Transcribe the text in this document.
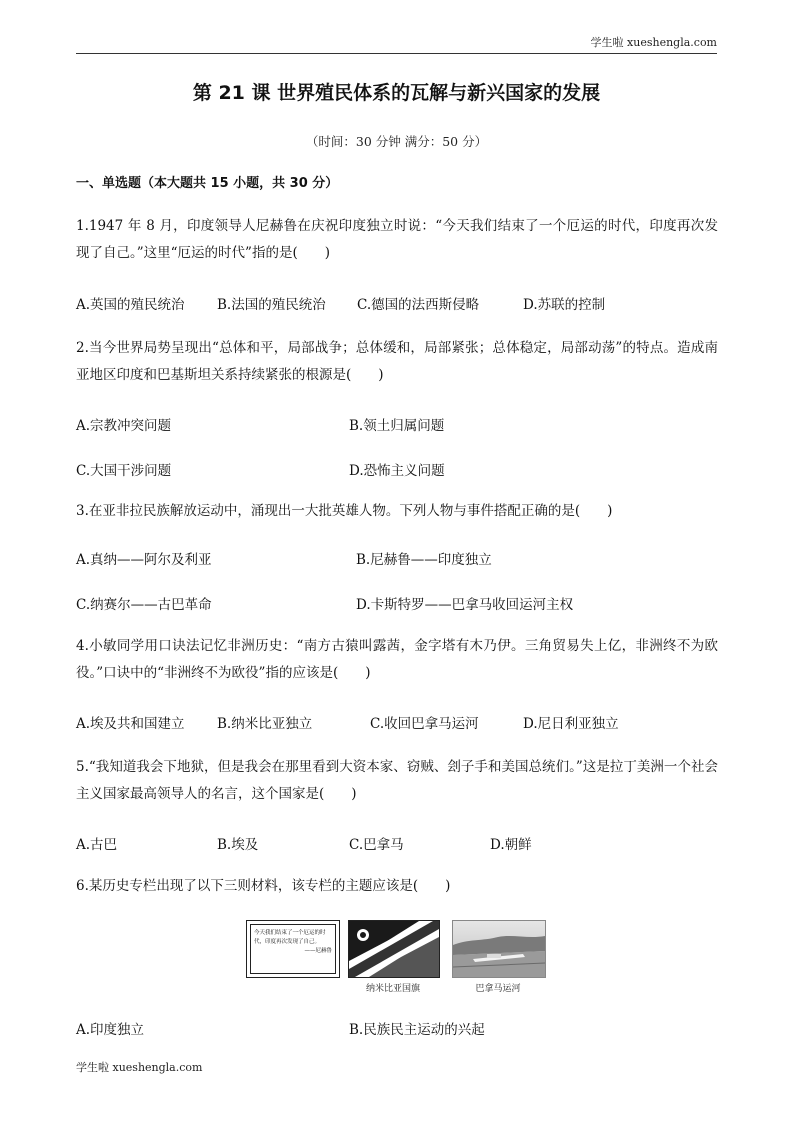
学生啦 xueshengla.com
第 21 课 世界殖民体系的瓦解与新兴国家的发展
（时间：30 分钟 满分：50 分）
一、单选题（本大题共 15 小题，共 30 分）
1.1947 年 8 月，印度领导人尼赫鲁在庆祝印度独立时说：“今天我们结束了一个厄运的时代，印度再次发现了自己。”这里“厄运的时代”指的是(　　)
A.英国的殖民统治 B.法国的殖民统治 C.德国的法西斯侵略	D.苏联的控制
2.当今世界局势呈现出“总体和平，局部战争；总体缓和，局部紧张；总体稳定，局部动荡”的特点。造成南亚地区印度和巴基斯坦关系持续紧张的根源是(　　)
A.宗教冲突问题	B.领土归属问题
C.大国干涉问题	D.恐怖主义问题
3.在亚非拉民族解放运动中，涌现出一大批英雄人物。下列人物与事件搭配正确的是(　　)
A.真纳——阿尔及利亚	B.尼赫鲁——印度独立
C.纳赛尔——古巴革命	D.卡斯特罗——巴拿马收回运河主权
4.小敏同学用口诀法记忆非洲历史：“南方古猿叫露茜，金字塔有木乃伊。三角贸易失上亿，非洲终不为欧役。”口诀中的“非洲终不为欧役”指的应该是(　　)
A.埃及共和国建立 B.纳米比亚独立	C.收回巴拿马运河	D.尼日利亚独立
5.“我知道我会下地狱，但是我会在那里看到大资本家、窃贼、刽子手和美国总统们。”这是拉丁美洲一个社会主义国家最高领导人的名言，这个国家是(　　)
A.古巴	B.埃及	C.巴拿马	D.朝鲜
6.某历史专栏出现了以下三则材料，该专栏的主题应该是(　　)
今天我们结束了一个厄运的时
代，印度再次发现了自己。
——尼赫鲁
纳米比亚国旗	巴拿马运河
A.印度独立	B.民族民主运动的兴起
学生啦 xueshengla.com
